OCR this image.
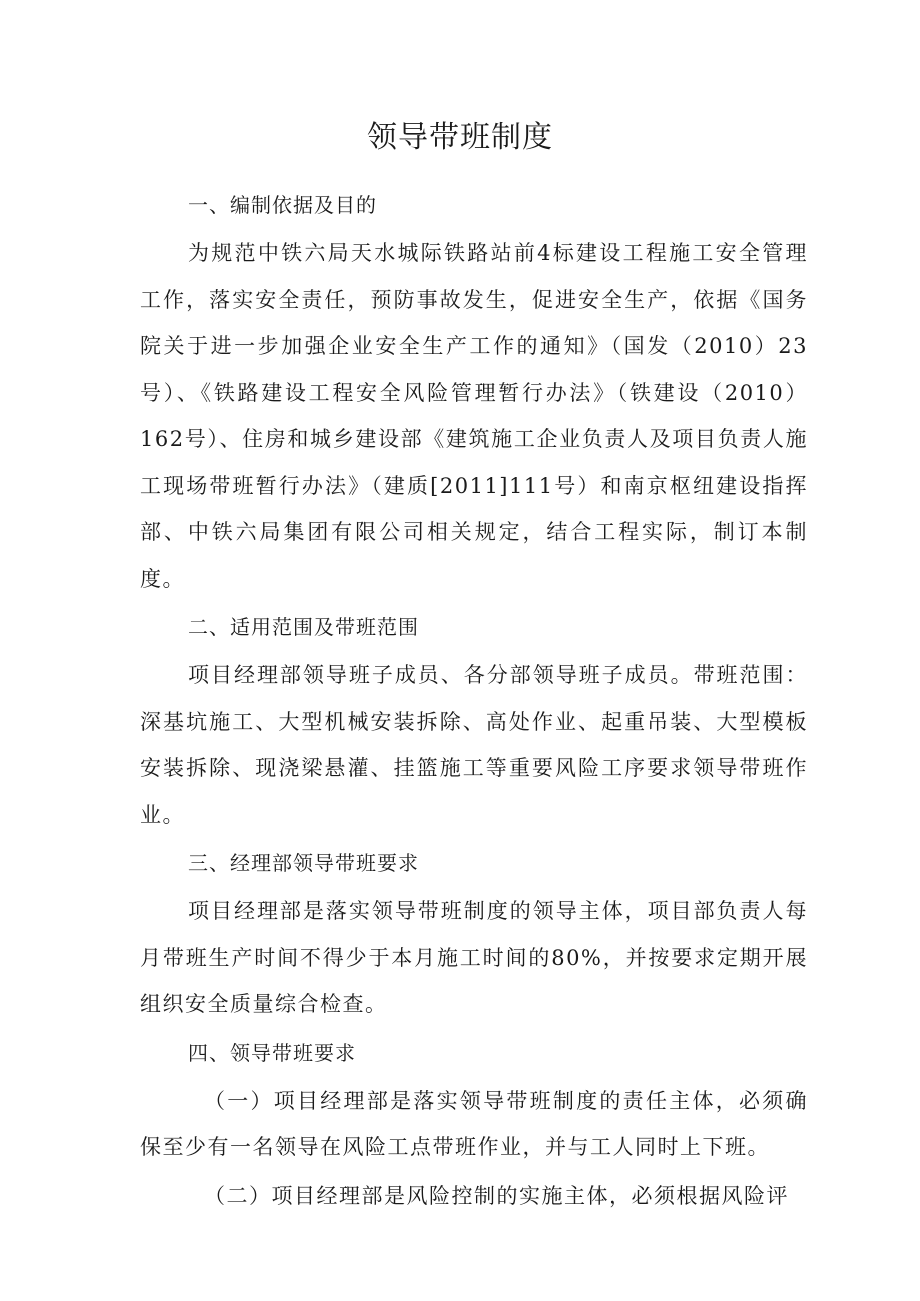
领导带班制度

一、编制依据及目的

为规范中铁六局天水城际铁路站前4标建设工程施工安全管理工作，落实安全责任，预防事故发生，促进安全生产，依据《国务院关于进一步加强企业安全生产工作的通知》（国发（2010）23号）、《铁路建设工程安全风险管理暂行办法》（铁建设（2010）162号）、住房和城乡建设部《建筑施工企业负责人及项目负责人施工现场带班暂行办法》（建质[2011]111号）和南京枢纽建设指挥部、中铁六局集团有限公司相关规定，结合工程实际，制订本制度。

二、适用范围及带班范围

项目经理部领导班子成员、各分部领导班子成员。带班范围：深基坑施工、大型机械安装拆除、高处作业、起重吊装、大型模板安装拆除、现浇梁悬灌、挂篮施工等重要风险工序要求领导带班作业。

三、经理部领导带班要求

项目经理部是落实领导带班制度的领导主体，项目部负责人每月带班生产时间不得少于本月施工时间的80%，并按要求定期开展组织安全质量综合检查。

四、领导带班要求

（一）项目经理部是落实领导带班制度的责任主体，必须确保至少有一名领导在风险工点带班作业，并与工人同时上下班。

（二）项目经理部是风险控制的实施主体，必须根据风险评
